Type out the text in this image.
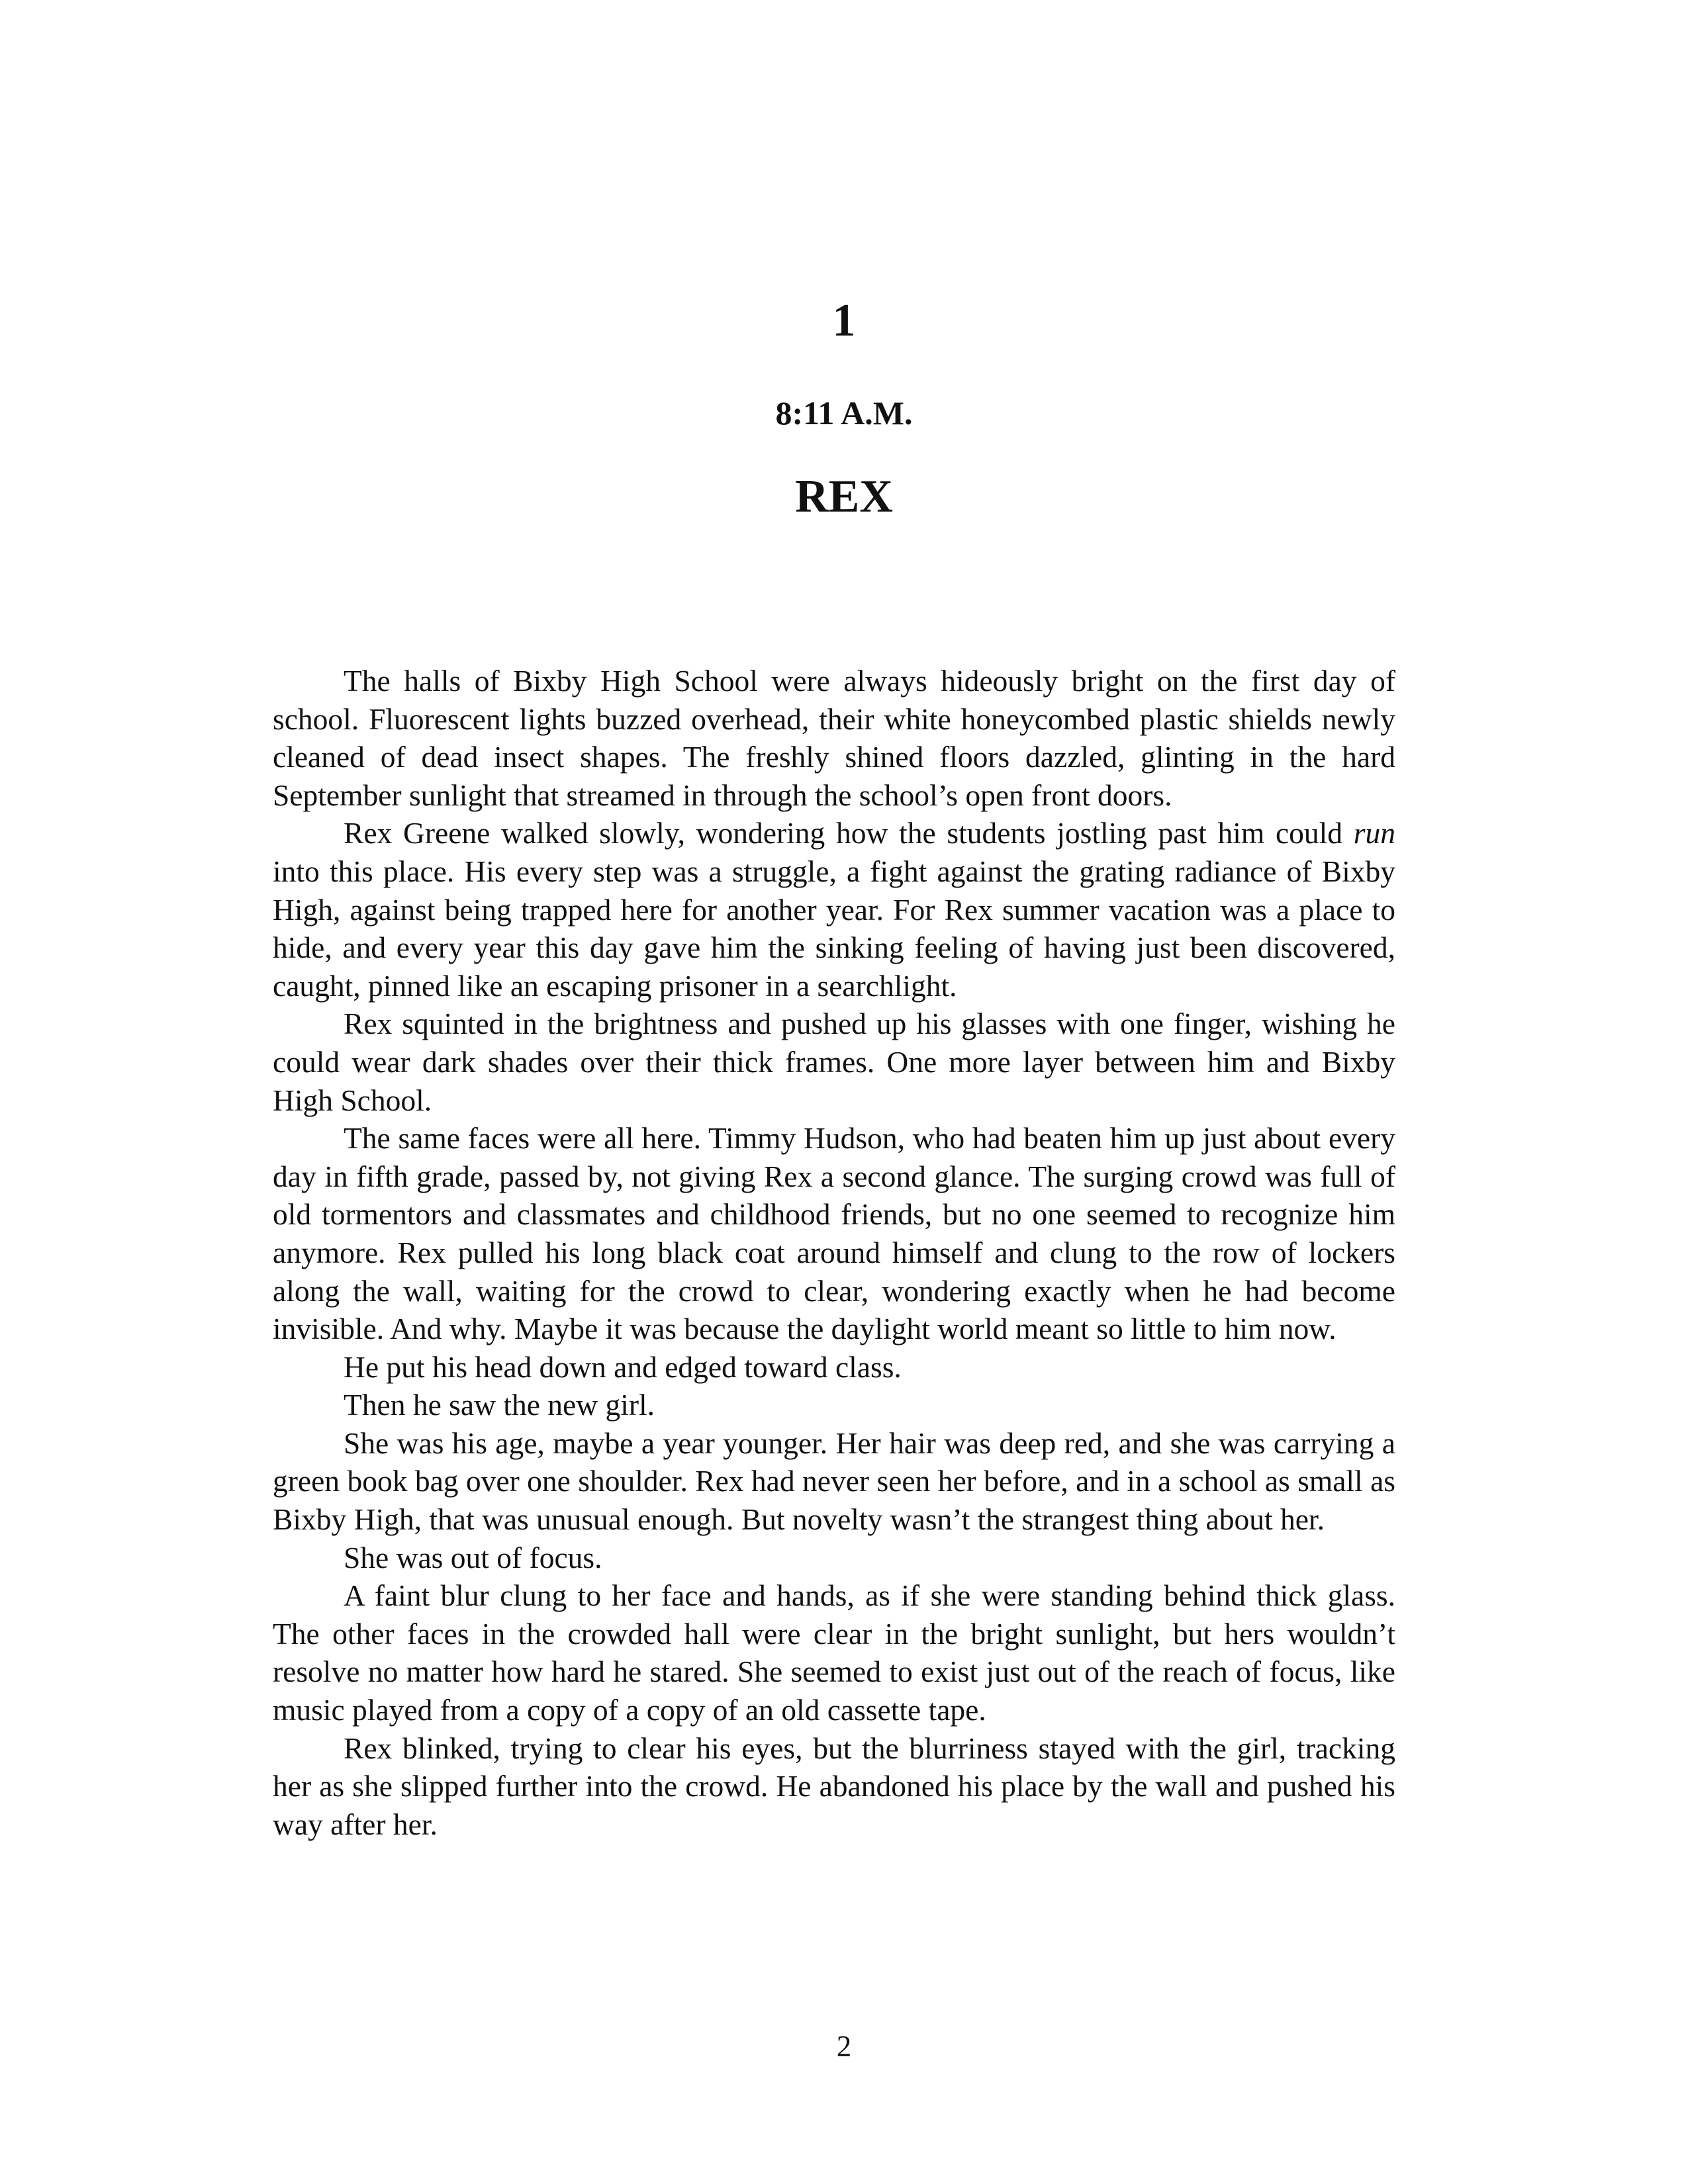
1
8:11 A.M.
REX

The halls of Bixby High School were always hideously bright on the first day of school. Fluorescent lights buzzed overhead, their white honeycombed plastic shields newly cleaned of dead insect shapes. The freshly shined floors dazzled, glinting in the hard September sunlight that streamed in through the school’s open front doors.

Rex Greene walked slowly, wondering how the students jostling past him could run into this place. His every step was a struggle, a fight against the grating radiance of Bixby High, against being trapped here for another year. For Rex summer vacation was a place to hide, and every year this day gave him the sinking feeling of having just been discovered, caught, pinned like an escaping prisoner in a searchlight.

Rex squinted in the brightness and pushed up his glasses with one finger, wishing he could wear dark shades over their thick frames. One more layer between him and Bixby High School.

The same faces were all here. Timmy Hudson, who had beaten him up just about every day in fifth grade, passed by, not giving Rex a second glance. The surging crowd was full of old tormentors and classmates and childhood friends, but no one seemed to recognize him anymore. Rex pulled his long black coat around himself and clung to the row of lockers along the wall, waiting for the crowd to clear, wondering exactly when he had become invisible. And why. Maybe it was because the daylight world meant so little to him now.

He put his head down and edged toward class.

Then he saw the new girl.

She was his age, maybe a year younger. Her hair was deep red, and she was carrying a green book bag over one shoulder. Rex had never seen her before, and in a school as small as Bixby High, that was unusual enough. But novelty wasn’t the strangest thing about her.

She was out of focus.

A faint blur clung to her face and hands, as if she were standing behind thick glass. The other faces in the crowded hall were clear in the bright sunlight, but hers wouldn’t resolve no matter how hard he stared. She seemed to exist just out of the reach of focus, like music played from a copy of a copy of an old cassette tape.

Rex blinked, trying to clear his eyes, but the blurriness stayed with the girl, tracking her as she slipped further into the crowd. He abandoned his place by the wall and pushed his way after her.

2
